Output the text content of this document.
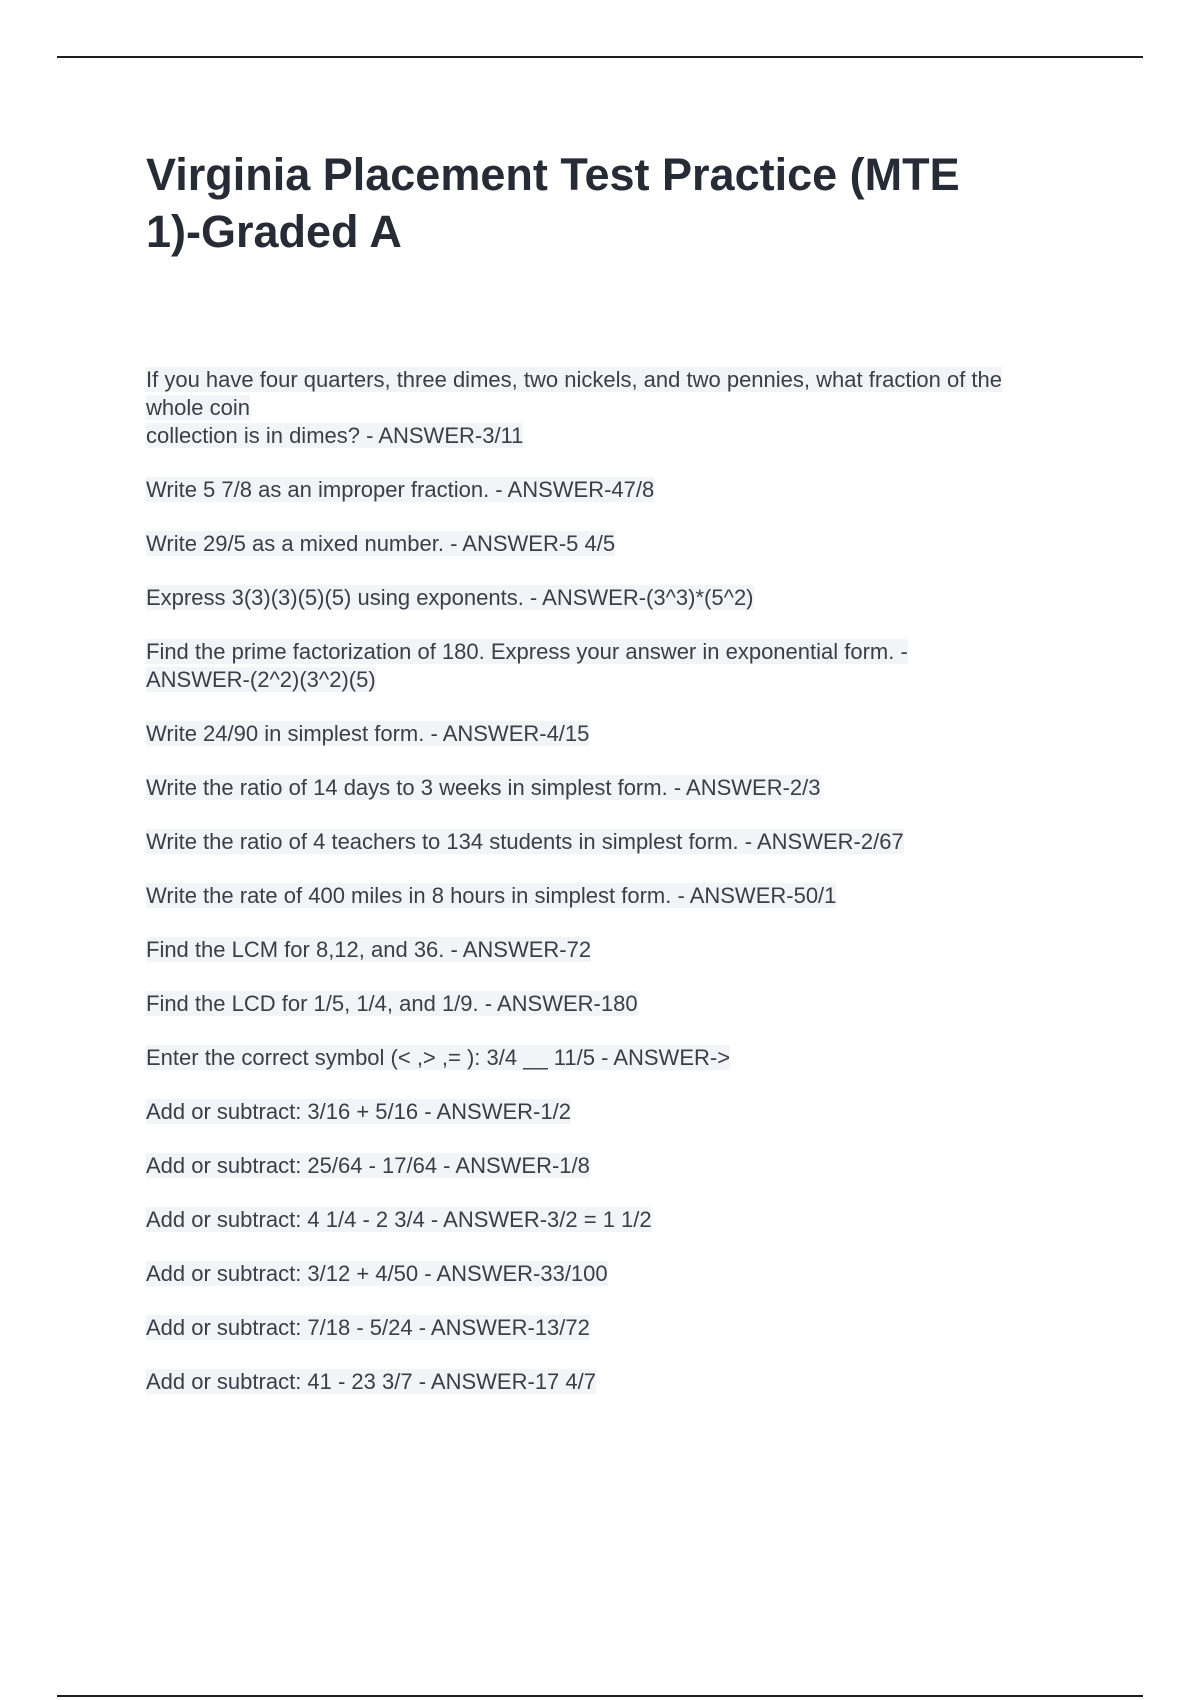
Virginia Placement Test Practice (MTE
1)-Graded A
If you have four quarters, three dimes, two nickels, and two pennies, what fraction of the
whole coin
collection is in dimes? - ANSWER-3/11
Write 5 7/8 as an improper fraction. - ANSWER-47/8
Write 29/5 as a mixed number. - ANSWER-5 4/5
Express 3(3)(3)(5)(5) using exponents. - ANSWER-(3^3)*(5^2)
Find the prime factorization of 180. Express your answer in exponential form. -
ANSWER-(2^2)(3^2)(5)
Write 24/90 in simplest form. - ANSWER-4/15
Write the ratio of 14 days to 3 weeks in simplest form. - ANSWER-2/3
Write the ratio of 4 teachers to 134 students in simplest form. - ANSWER-2/67
Write the rate of 400 miles in 8 hours in simplest form. - ANSWER-50/1
Find the LCM for 8,12, and 36. - ANSWER-72
Find the LCD for 1/5, 1/4, and 1/9. - ANSWER-180
Enter the correct symbol (< ,> ,= ): 3/4 __ 11/5 - ANSWER->
Add or subtract: 3/16 + 5/16 - ANSWER-1/2
Add or subtract: 25/64 - 17/64 - ANSWER-1/8
Add or subtract: 4 1/4 - 2 3/4 - ANSWER-3/2 = 1 1/2
Add or subtract: 3/12 + 4/50 - ANSWER-33/100
Add or subtract: 7/18 - 5/24 - ANSWER-13/72
Add or subtract: 41 - 23 3/7 - ANSWER-17 4/7
